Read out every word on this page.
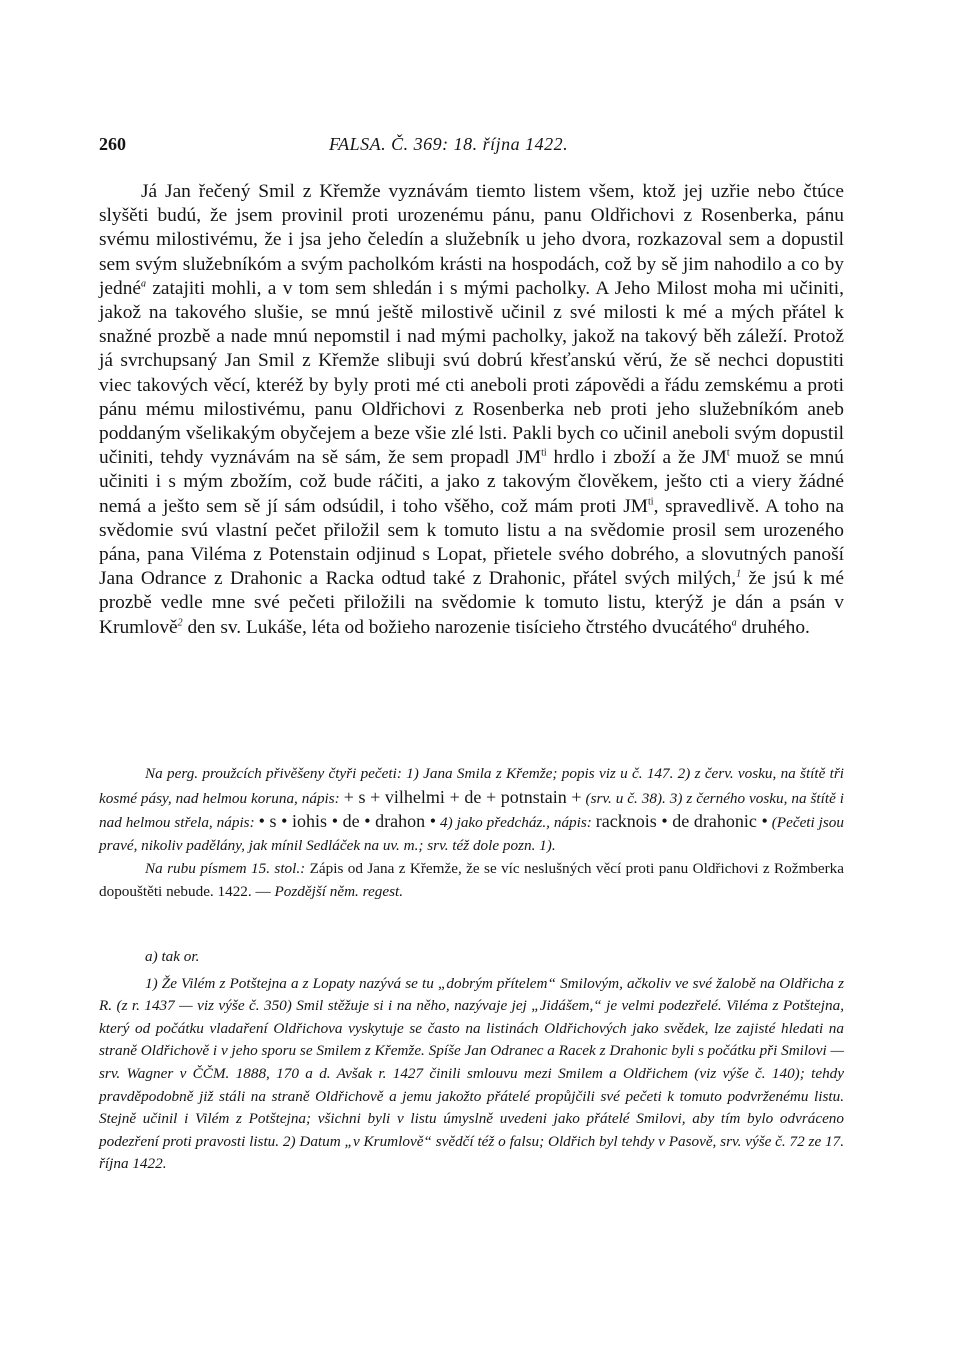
260	FALSA. Č. 369: 18. října 1422.

Já Jan řečený Smil z Křemže vyznávám tiemto listem všem, ktož jej uzřie nebo čtúce slyšěti budú, že jsem provinil proti urozenému pánu, panu Oldřichovi z Rosenberka, pánu svému milostivému, že i jsa jeho čeledín a služebník u jeho dvora, rozkazoval sem a dopustil sem svým služebníkóm a svým pacholkóm krásti na hospodách, což by sě jim nahodilo a co by jedné$^a$ zatajiti mohli, a v tom sem shledán i s mými pacholky. A Jeho Milost moha mi učiniti, jakož na takového slušie, se mnú ještě milostivě učinil z své milosti k mé a mých přátel k snažné prozbě a nade mnú nepomstil i nad mými pacholky, jakož na takový běh záleží. Protož já svrchupsaný Jan Smil z Křemže slibuji svú dobrú křesťanskú věrú, že sě nechci dopustiti viec takových věcí, kteréž by byly proti mé cti aneboli proti zápovědi a řádu zemskému a proti pánu mému milostivému, panu Oldřichovi z Rosenberka neb proti jeho služebníkóm aneb poddaným všelikakým obyčejem a beze všie zlé lsti. Pakli bych co učinil aneboli svým dopustil učiniti, tehdy vyznávám na sě sám, že sem propadl $JM^{ti}$ hrdlo i zboží a že $JM^t$ muož se mnú učiniti i s mým zbožím, což bude ráčiti, a jako z takovým člověkem, ješto cti a viery žádné nemá a ješto sem sě jí sám odsúdil, i toho všěho, což mám proti $JM^{ti}$, spravedlivě. A toho na svědomie svú vlastní pečet přiložil sem k tomuto listu a na svědomie prosil sem urozeného pána, pana Viléma z Potenstain odjinud s Lopat, přietele svého dobrého, a slovutných panoší Jana Odrance z Drahonic a Racka odtud také z Drahonic, přátel svých milých,$^1$ že jsú k mé prozbě vedle mne své pečeti přiložili na svědomie k tomuto listu, kterýž je dán a psán v Krumlově$^2$ den sv. Lukáše, léta od božieho narozenie tisícieho čtrstého dvucátého$^a$ druhého.

Na perg. proužcích přivěšeny čtyři pečeti: 1) Jana Smila z Křemže; popis viz u č. 147. 2) z červ. vosku, na štítě tři kosmé pásy, nad helmou koruna, nápis: + s + vilhelmi + de + potnstain + (srv. u č. 38). 3) z černého vosku, na štítě i nad helmou střela, nápis: • s • iohis • de • drahon • 4) jako předcház., nápis: racknois • de drahonic • (Pečeti jsou pravé, nikoliv padělány, jak mínil Sedláček na uv. m.; srv. též dole pozn. 1).

Na rubu písmem 15. stol.: Zápis od Jana z Křemže, že se víc neslušných věcí proti panu Oldřichovi z Rožmberka dopouštěti nebude. 1422. — Pozdější něm. regest.

a) tak or.

1) Že Vilém z Potštejna a z Lopaty nazývá se tu „dobrým přítelem“ Smilovým, ačkoliv ve své žalobě na Oldřicha z R. (z r. 1437 — viz výše č. 350) Smil stěžuje si i na něho, nazývaje jej „Jidášem,“ je velmi podezřelé. Viléma z Potštejna, který od počátku vladaření Oldřichova vyskytuje se často na listinách Oldřichových jako svědek, lze zajisté hledati na straně Oldřichově i v jeho sporu se Smilem z Křemže. Spíše Jan Odranec a Racek z Drahonic byli s počátku při Smilovi — srv. Wagner v ČČM. 1888, 170 a d. Avšak r. 1427 činili smlouvu mezi Smilem a Oldřichem (viz výše č. 140); tehdy pravděpodobně již stáli na straně Oldřichově a jemu jakožto přátelé propůjčili své pečeti k tomuto podvrženému listu. Stejně učinil i Vilém z Potštejna; všichni byli v listu úmyslně uvedeni jako přátelé Smilovi, aby tím bylo odvráceno podezření proti pravosti listu. 2) Datum „v Krumlově“ svědčí též o falsu; Oldřich byl tehdy v Pasově, srv. výše č. 72 ze 17. října 1422.
